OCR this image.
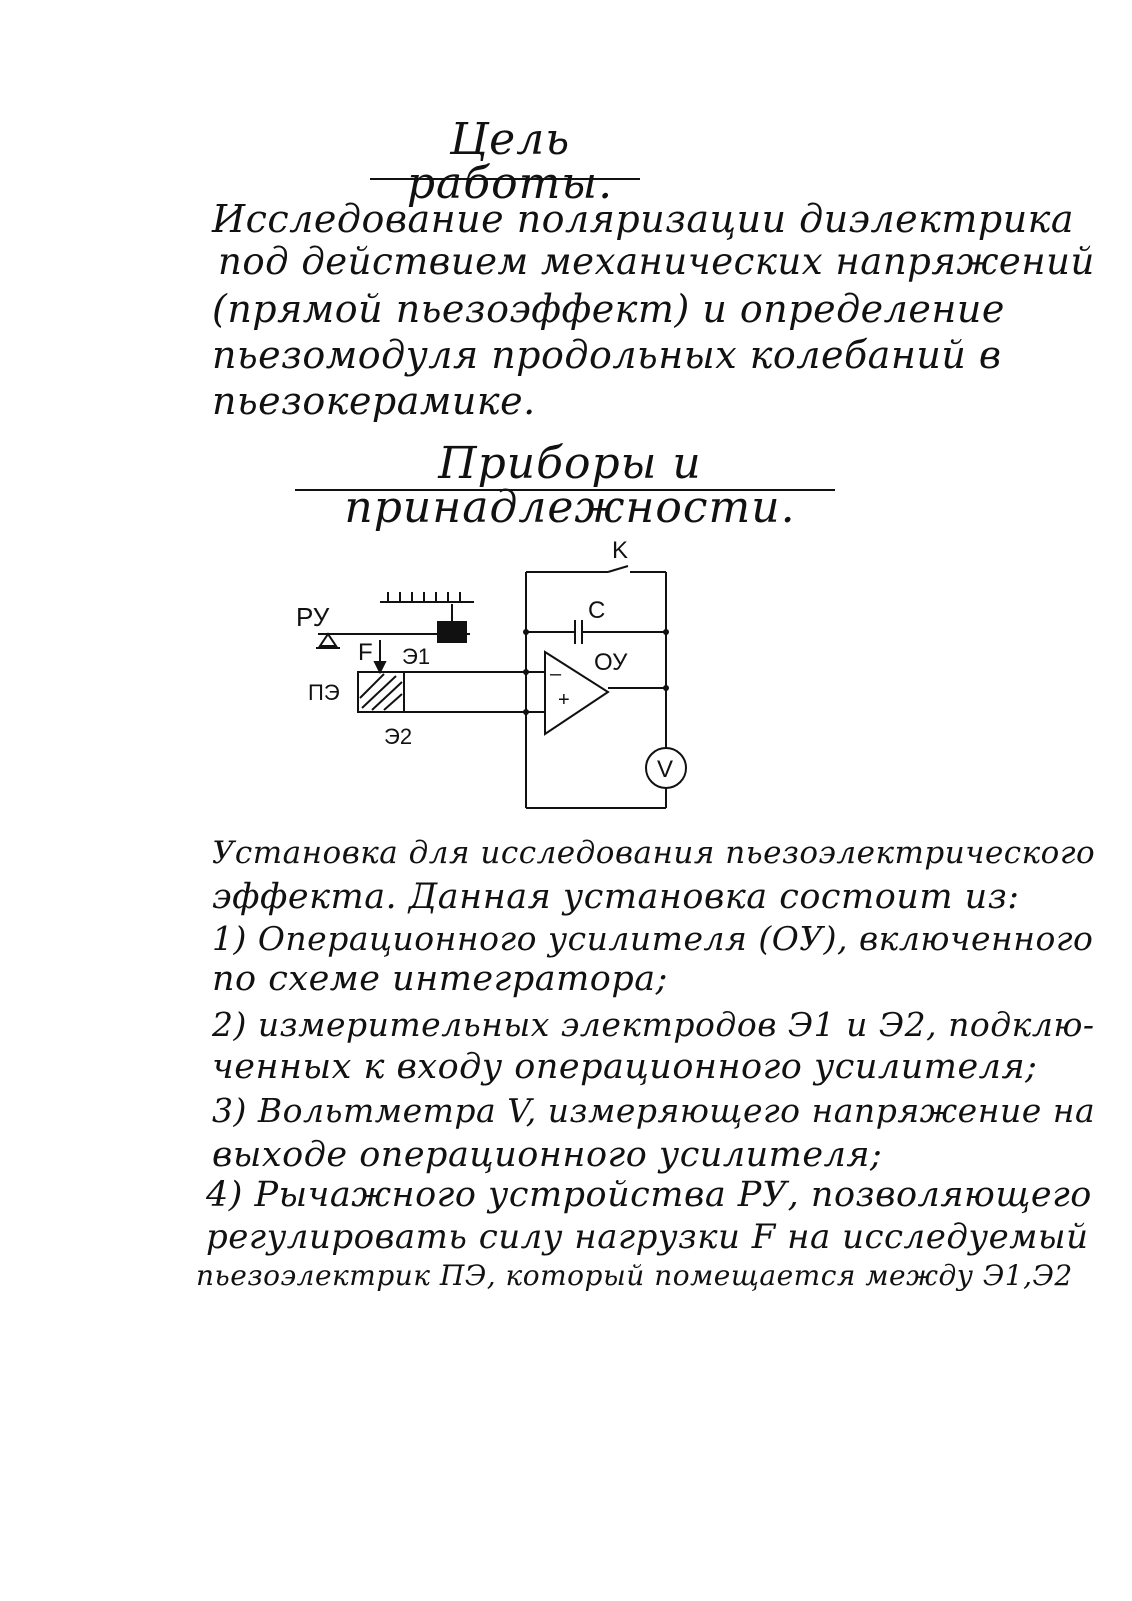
Цель работы.
Исследование поляризации диэлектрика
под действием механических напряжений
(прямой пьезоэффект) и определение
пьезомодуля продольных колебаний в
пьезокерамике.
Приборы и принадлежности.
K
C
ОУ
РУ
F Э1
Э2
ПЭ
–
+
V
Установка для исследования пьезоэлектрического
эффекта. Данная установка состоит из:
1) Операционного усилителя (ОУ), включенного
по схеме интегратора;
2) измерительных электродов Э1 и Э2, подклю-
ченных к входу операционного усилителя;
3) Вольтметра V, измеряющего напряжение на
выходе операционного усилителя;
4) Рычажного устройства РУ, позволяющего
регулировать силу нагрузки F на исследуемый
пьезоэлектрик ПЭ, который помещается между Э1,Э2
